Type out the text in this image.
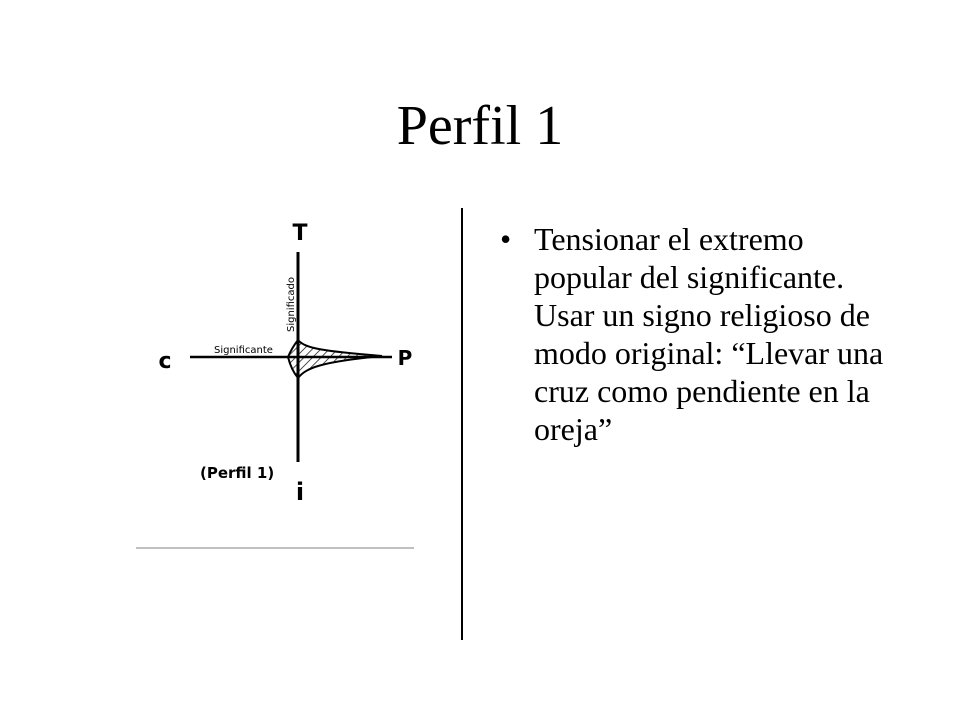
Perfil 1
T
i
c	P
Significado
Significante
(Perfil 1)
• Tensionar el extremo popular del significante. Usar un signo religioso de modo original: “Llevar una cruz como pendiente en la oreja”
